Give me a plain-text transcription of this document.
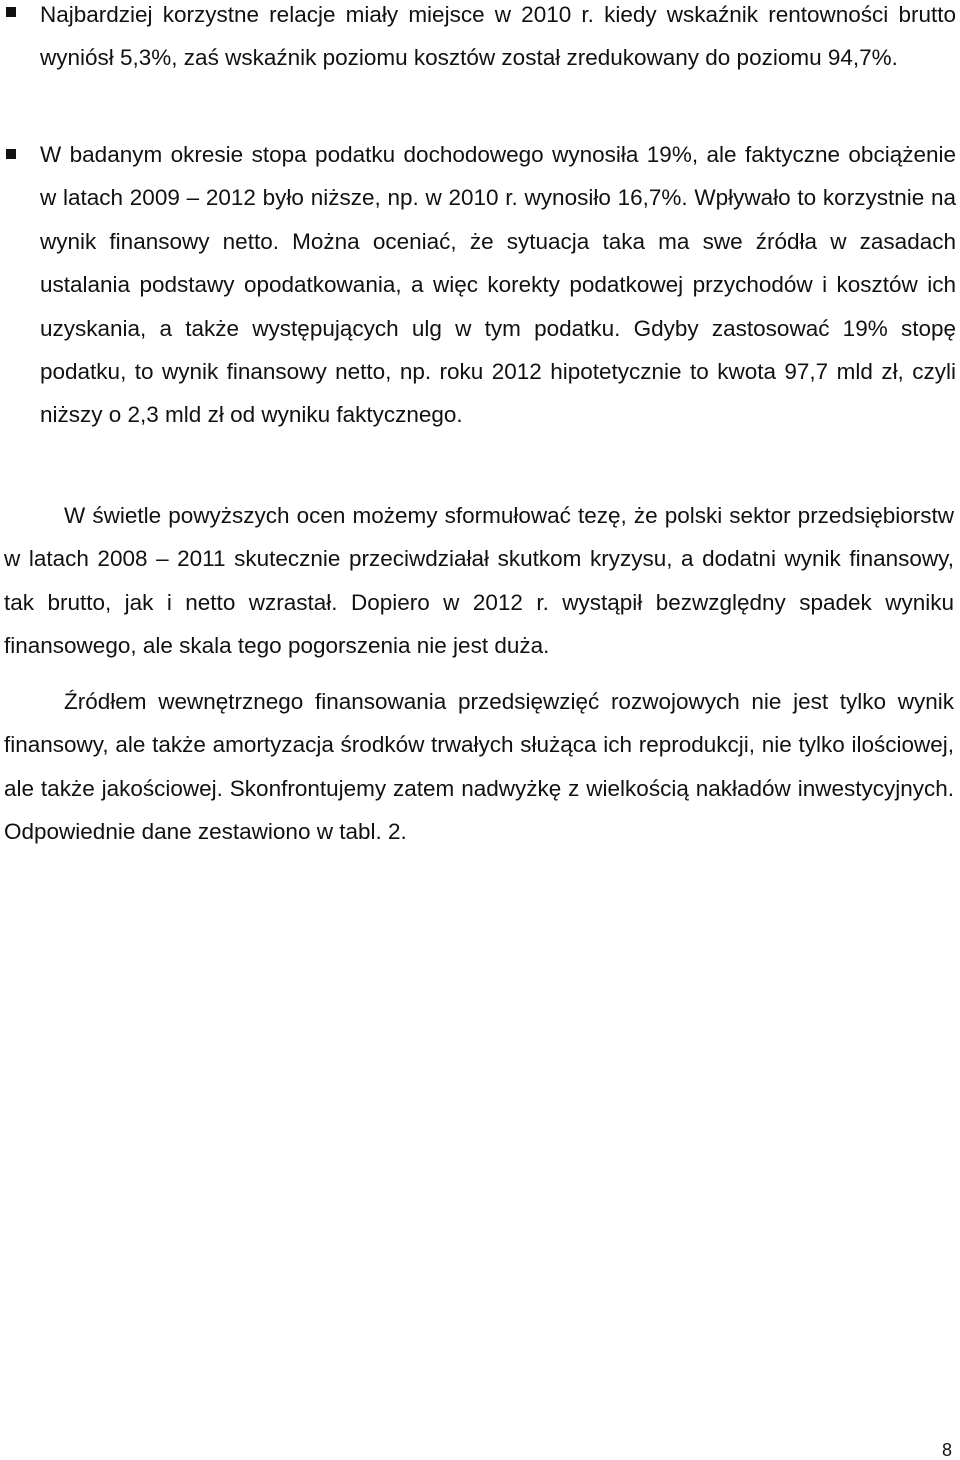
Najbardziej korzystne relacje miały miejsce w 2010 r. kiedy wskaźnik rentowności brutto wyniósł 5,3%, zaś wskaźnik poziomu kosztów został zredukowany do poziomu 94,7%.
W badanym okresie stopa podatku dochodowego wynosiła 19%, ale faktyczne obciążenie w latach 2009 – 2012 było niższe, np. w 2010 r. wynosiło 16,7%. Wpływało to korzystnie na wynik finansowy netto. Można oceniać, że sytuacja taka ma swe źródła w zasadach ustalania podstawy opodatkowania, a więc korekty podatkowej przychodów i kosztów ich uzyskania, a także występujących ulg w tym podatku. Gdyby zastosować 19% stopę podatku, to wynik finansowy netto, np. roku 2012 hipotetycznie to kwota 97,7 mld zł, czyli niższy o 2,3 mld zł od wyniku faktycznego.

W świetle powyższych ocen możemy sformułować tezę, że polski sektor przedsiębiorstw w latach 2008 – 2011 skutecznie przeciwdziałał skutkom kryzysu, a dodatni wynik finansowy, tak brutto, jak i netto wzrastał. Dopiero w 2012 r. wystąpił bezwzględny spadek wyniku finansowego, ale skala tego pogorszenia nie jest duża.

Źródłem wewnętrznego finansowania przedsięwzięć rozwojowych nie jest tylko wynik finansowy, ale także amortyzacja środków trwałych służąca ich reprodukcji, nie tylko ilościowej, ale także jakościowej. Skonfrontujemy zatem nadwyżkę z wielkością nakładów inwestycyjnych. Odpowiednie dane zestawiono w tabl. 2.

8
